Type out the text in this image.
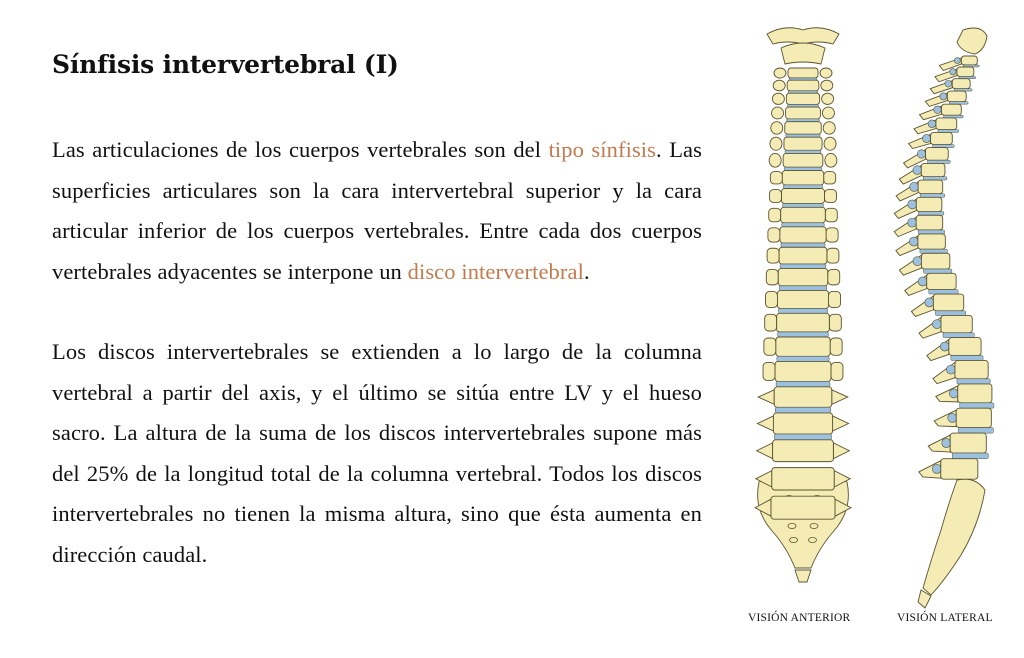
Sínfisis intervertebral (I)

Las articulaciones de los cuerpos vertebrales son del tipo sínfisis. Las superficies articulares son la cara intervertebral superior y la cara articular inferior de los cuerpos vertebrales. Entre cada dos cuerpos vertebrales adyacentes se interpone un disco intervertebral.

Los discos intervertebrales se extienden a lo largo de la columna vertebral a partir del axis, y el último se sitúa entre LV y el hueso sacro. La altura de la suma de los discos intervertebrales supone más del 25% de la longitud total de la columna vertebral. Todos los discos intervertebrales no tienen la misma altura, sino que ésta aumenta en dirección caudal.

VISIÓN ANTERIOR	VISIÓN LATERAL
